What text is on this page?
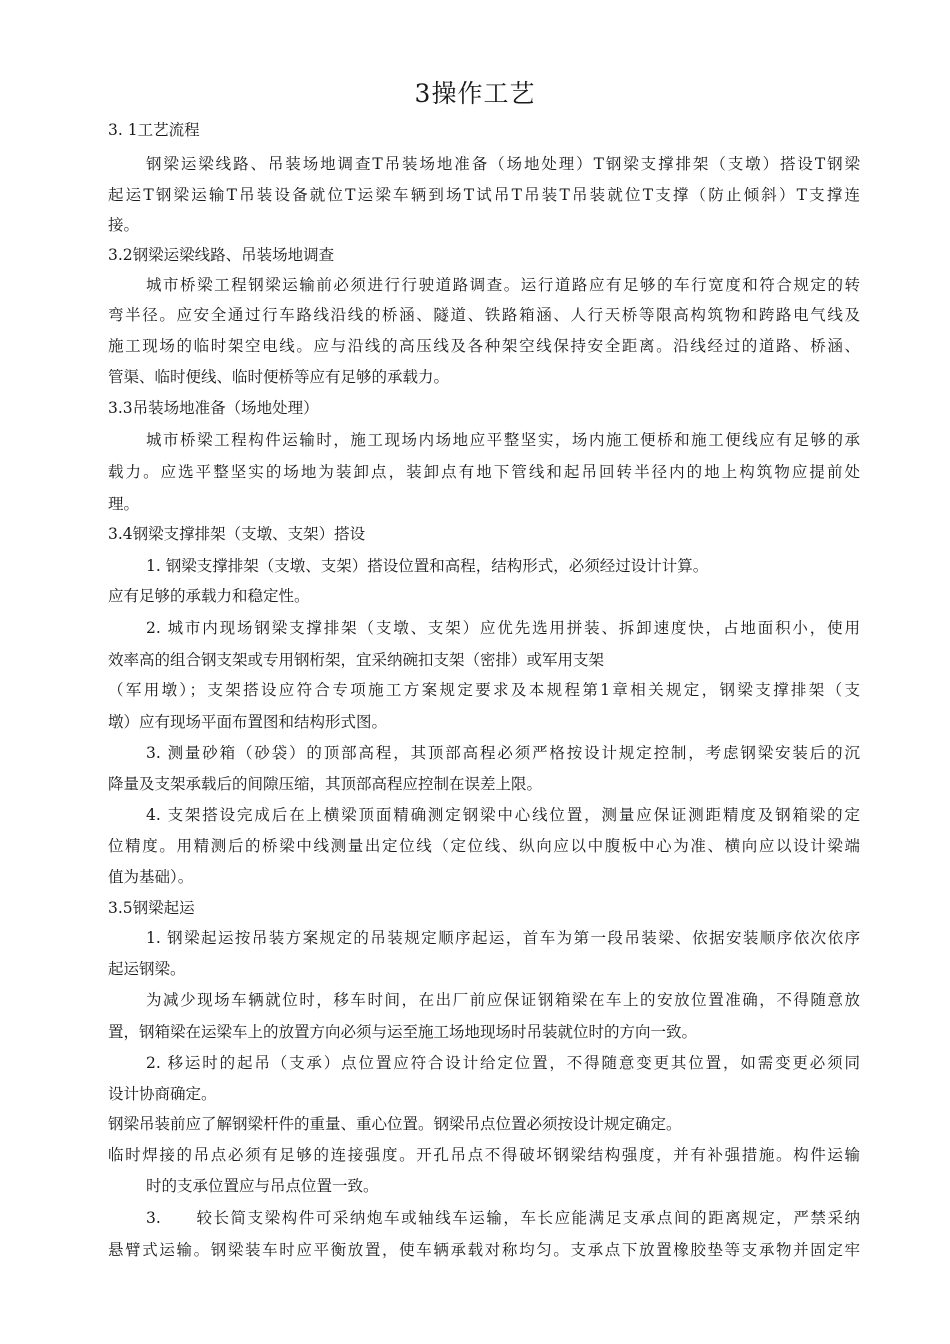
3操作工艺

3. 1工艺流程

钢梁运梁线路、吊装场地调查T吊装场地准备（场地处理）T钢梁支撑排架（支墩）搭设T钢梁

起运T钢梁运输T吊装设备就位T运梁车辆到场T试吊T吊装T吊装就位T支撑（防止倾斜）T支撑连

接。

3.2钢梁运梁线路、吊装场地调查

城市桥梁工程钢梁运输前必须进行行驶道路调查。运行道路应有足够的车行宽度和符合规定的转

弯半径。应安全通过行车路线沿线的桥涵、隧道、铁路箱涵、人行天桥等限高构筑物和跨路电气线及

施工现场的临时架空电线。应与沿线的高压线及各种架空线保持安全距离。沿线经过的道路、桥涵、

管渠、临时便线、临时便桥等应有足够的承载力。

3.3吊装场地准备（场地处理）

城市桥梁工程构件运输时，施工现场内场地应平整坚实，场内施工便桥和施工便线应有足够的承

载力。应选平整坚实的场地为装卸点，装卸点有地下管线和起吊回转半径内的地上构筑物应提前处

理。

3.4钢梁支撑排架（支墩、支架）搭设

1. 钢梁支撑排架（支墩、支架）搭设位置和高程，结构形式，必须经过设计计算。

应有足够的承载力和稳定性。

2. 城市内现场钢梁支撑排架（支墩、支架）应优先选用拼装、拆卸速度快，占地面积小，使用

效率高的组合钢支架或专用钢桁架，宜采纳碗扣支架（密排）或军用支架

（军用墩）；支架搭设应符合专项施工方案规定要求及本规程第1章相关规定，钢梁支撑排架（支

墩）应有现场平面布置图和结构形式图。

3. 测量砂箱（砂袋）的顶部高程，其顶部高程必须严格按设计规定控制，考虑钢梁安装后的沉

降量及支架承载后的间隙压缩，其顶部高程应控制在误差上限。

4. 支架搭设完成后在上横梁顶面精确测定钢梁中心线位置，测量应保证测距精度及钢箱梁的定

位精度。用精测后的桥梁中线测量出定位线（定位线、纵向应以中腹板中心为准、横向应以设计梁端

值为基础）。

3.5钢梁起运

1. 钢梁起运按吊装方案规定的吊装规定顺序起运，首车为第一段吊装梁、依据安装顺序依次依序

起运钢梁。

为减少现场车辆就位时，移车时间，在出厂前应保证钢箱梁在车上的安放位置准确，不得随意放

置，钢箱梁在运梁车上的放置方向必须与运至施工场地现场时吊装就位时的方向一致。

2. 移运时的起吊（支承）点位置应符合设计给定位置，不得随意变更其位置，如需变更必须同

设计协商确定。

钢梁吊装前应了解钢梁杆件的重量、重心位置。钢梁吊点位置必须按设计规定确定。

临时焊接的吊点必须有足够的连接强度。开孔吊点不得破坏钢梁结构强度，并有补强措施。构件运输

时的支承位置应与吊点位置一致。

3.　　较长简支梁构件可采纳炮车或轴线车运输，车长应能满足支承点间的距离规定，严禁采纳

悬臂式运输。钢梁装车时应平衡放置，使车辆承载对称均匀。支承点下放置橡胶垫等支承物并固定牢
